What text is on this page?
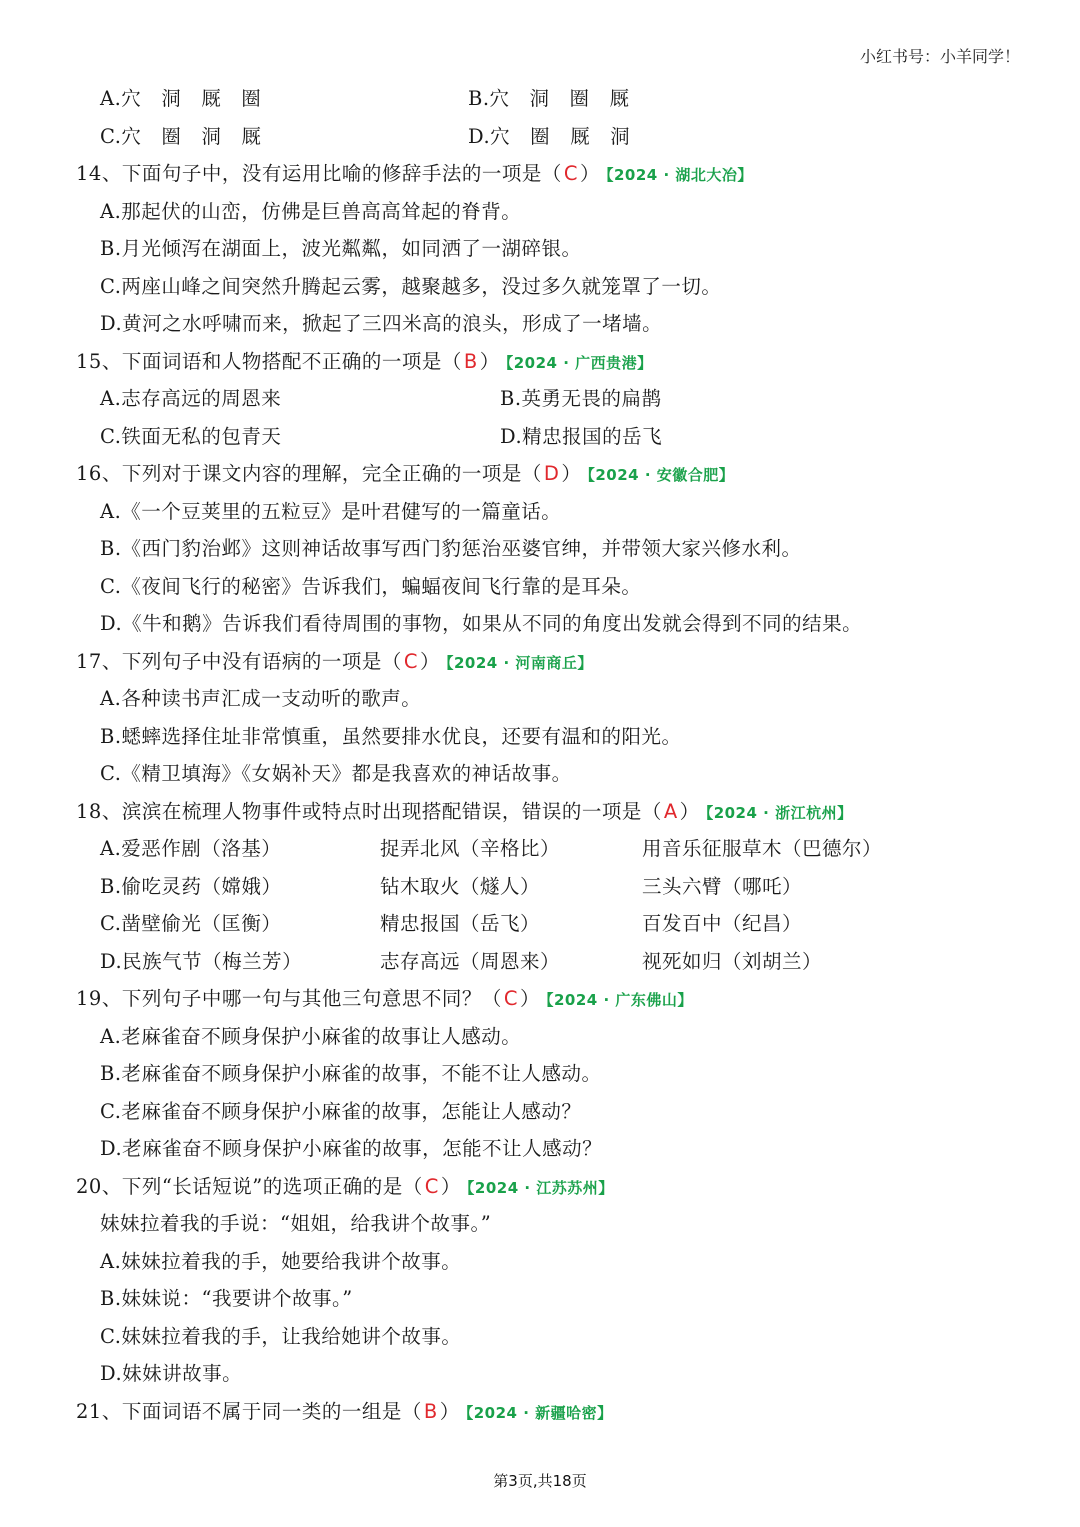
小红书号：小羊同学！
A.穴　洞　厩　圈	B.穴　洞　圈　厩
C.穴　圈　洞　厩	D.穴　圈　厩　洞
14、下面句子中，没有运用比喻的修辞手法的一项是（ C ） 【2024 · 湖北大冶】
A.那起伏的山峦，仿佛是巨兽高高耸起的脊背。
B.月光倾泻在湖面上，波光粼粼，如同洒了一湖碎银。
C.两座山峰之间突然升腾起云雾，越聚越多，没过多久就笼罩了一切。
D.黄河之水呼啸而来，掀起了三四米高的浪头，形成了一堵墙。
15、下面词语和人物搭配不正确的一项是（ B ） 【2024 · 广西贵港】
A.志存高远的周恩来	B.英勇无畏的扁鹊
C.铁面无私的包青天	D.精忠报国的岳飞
16、下列对于课文内容的理解，完全正确的一项是（ D ） 【2024 · 安徽合肥】
A.《一个豆荚里的五粒豆》是叶君健写的一篇童话。
B.《西门豹治邺》这则神话故事写西门豹惩治巫婆官绅，并带领大家兴修水利。
C.《夜间飞行的秘密》告诉我们，蝙蝠夜间飞行靠的是耳朵。
D.《牛和鹅》告诉我们看待周围的事物，如果从不同的角度出发就会得到不同的结果。
17、下列句子中没有语病的一项是（ C ） 【2024 · 河南商丘】
A.各种读书声汇成一支动听的歌声。
B.蟋蟀选择住址非常慎重，虽然要排水优良，还要有温和的阳光。
C.《精卫填海》《女娲补天》都是我喜欢的神话故事。
18、滨滨在梳理人物事件或特点时出现搭配错误，错误的一项是（ A ） 【2024 · 浙江杭州】
A.爱恶作剧（洛基）	捉弄北风（辛格比）	用音乐征服草木（巴德尔）
B.偷吃灵药（嫦娥）	钻木取火（燧人）	三头六臂（哪吒）
C.凿壁偷光（匡衡）	精忠报国（岳飞）	百发百中（纪昌）
D.民族气节（梅兰芳）	志存高远（周恩来）	视死如归（刘胡兰）
19、下列句子中哪一句与其他三句意思不同？（ C ） 【2024 · 广东佛山】
A.老麻雀奋不顾身保护小麻雀的故事让人感动。
B.老麻雀奋不顾身保护小麻雀的故事，不能不让人感动。
C.老麻雀奋不顾身保护小麻雀的故事，怎能让人感动？
D.老麻雀奋不顾身保护小麻雀的故事，怎能不让人感动？
20、下列“长话短说”的选项正确的是（ C ） 【2024 · 江苏苏州】
妹妹拉着我的手说：“姐姐，给我讲个故事。”
A.妹妹拉着我的手，她要给我讲个故事。
B.妹妹说：“我要讲个故事。”
C.妹妹拉着我的手，让我给她讲个故事。
D.妹妹讲故事。
21、下面词语不属于同一类的一组是（ B ） 【2024 · 新疆哈密】
第3页,共18页
